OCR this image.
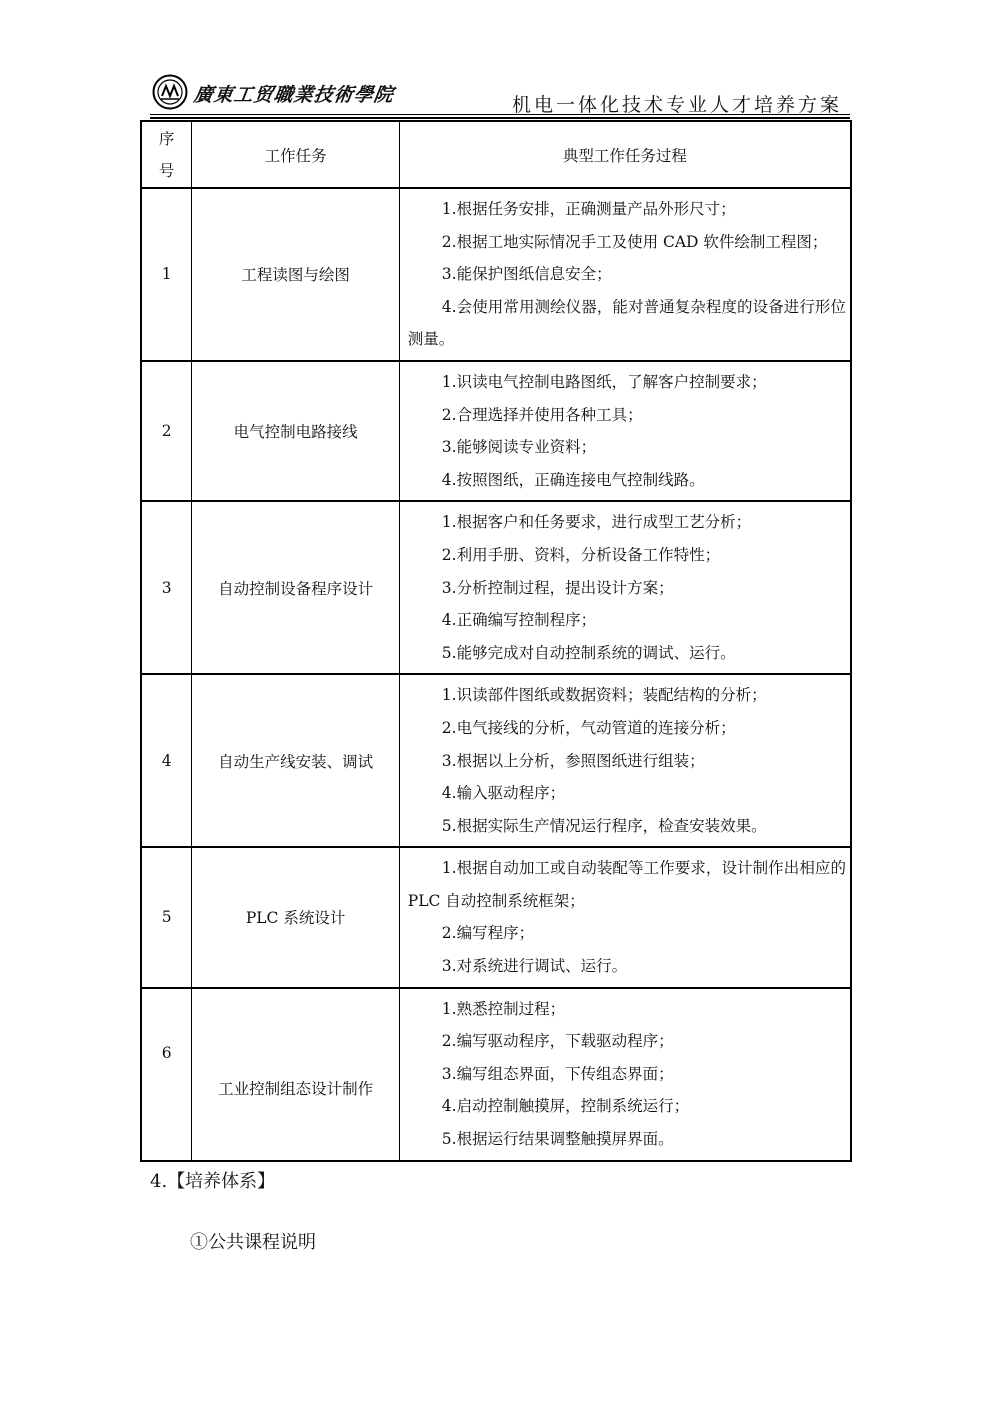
廣東工贸職業技術學院	机电一体化技术专业人才培养方案
序
号	工作任务	典型工作任务过程
1	工程读图与绘图	1.根据任务安排，正确测量产品外形尺寸；
2.根据工地实际情况手工及使用 CAD 软件绘制工程图；
3.能保护图纸信息安全；
4.会使用常用测绘仪器，能对普通复杂程度的设备进行形位测量。

2	电气控制电路接线	1.识读电气控制电路图纸，了解客户控制要求；
2.合理选择并使用各种工具；
3.能够阅读专业资料；
4.按照图纸，正确连接电气控制线路。

3	自动控制设备程序设计	1.根据客户和任务要求，进行成型工艺分析；
2.利用手册、资料，分析设备工作特性；
3.分析控制过程，提出设计方案；
4.正确编写控制程序；
5.能够完成对自动控制系统的调试、运行。

4	自动生产线安装、调试	1.识读部件图纸或数据资料；装配结构的分析；
2.电气接线的分析，气动管道的连接分析；
3.根据以上分析，参照图纸进行组装；
4.输入驱动程序；
5.根据实际生产情况运行程序，检查安装效果。

5	PLC 系统设计	1.根据自动加工或自动装配等工作要求，设计制作出相应的 PLC 自动控制系统框架；
2.编写程序；
3.对系统进行调试、运行。

6	工业控制组态设计制作	1.熟悉控制过程；
2.编写驱动程序，下载驱动程序；
3.编写组态界面，下传组态界面；
4.启动控制触摸屏，控制系统运行；
5.根据运行结果调整触摸屏界面。
4.【培养体系】
①公共课程说明
